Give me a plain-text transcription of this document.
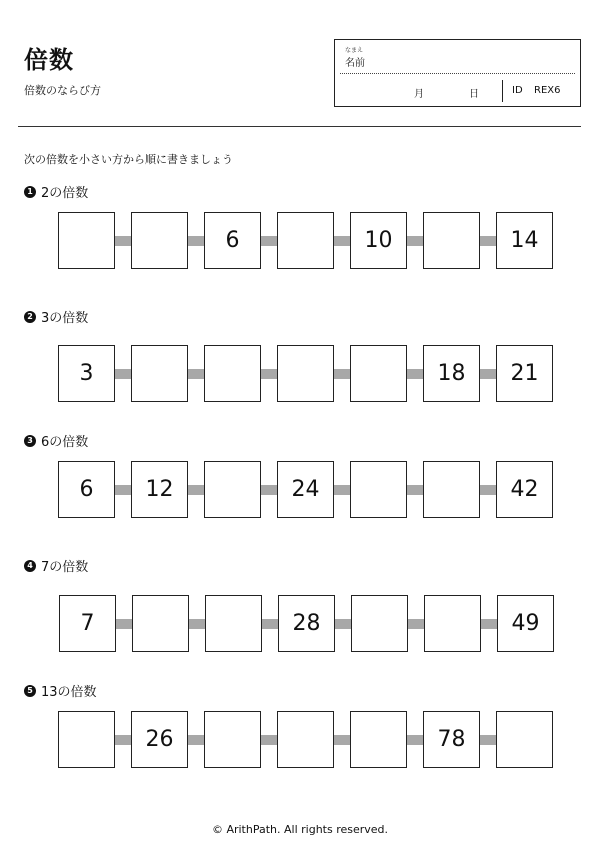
倍数
倍数のならび方
なまえ
名前
月	日	ID REX6
次の倍数を小さい方から順に書きましょう
1 2の倍数
6	10	14
2 3の倍数
3	18	21
3 6の倍数
6	12	24	42
4 7の倍数
7	28	49
5 13の倍数
26	78
© ArithPath. All rights reserved.
